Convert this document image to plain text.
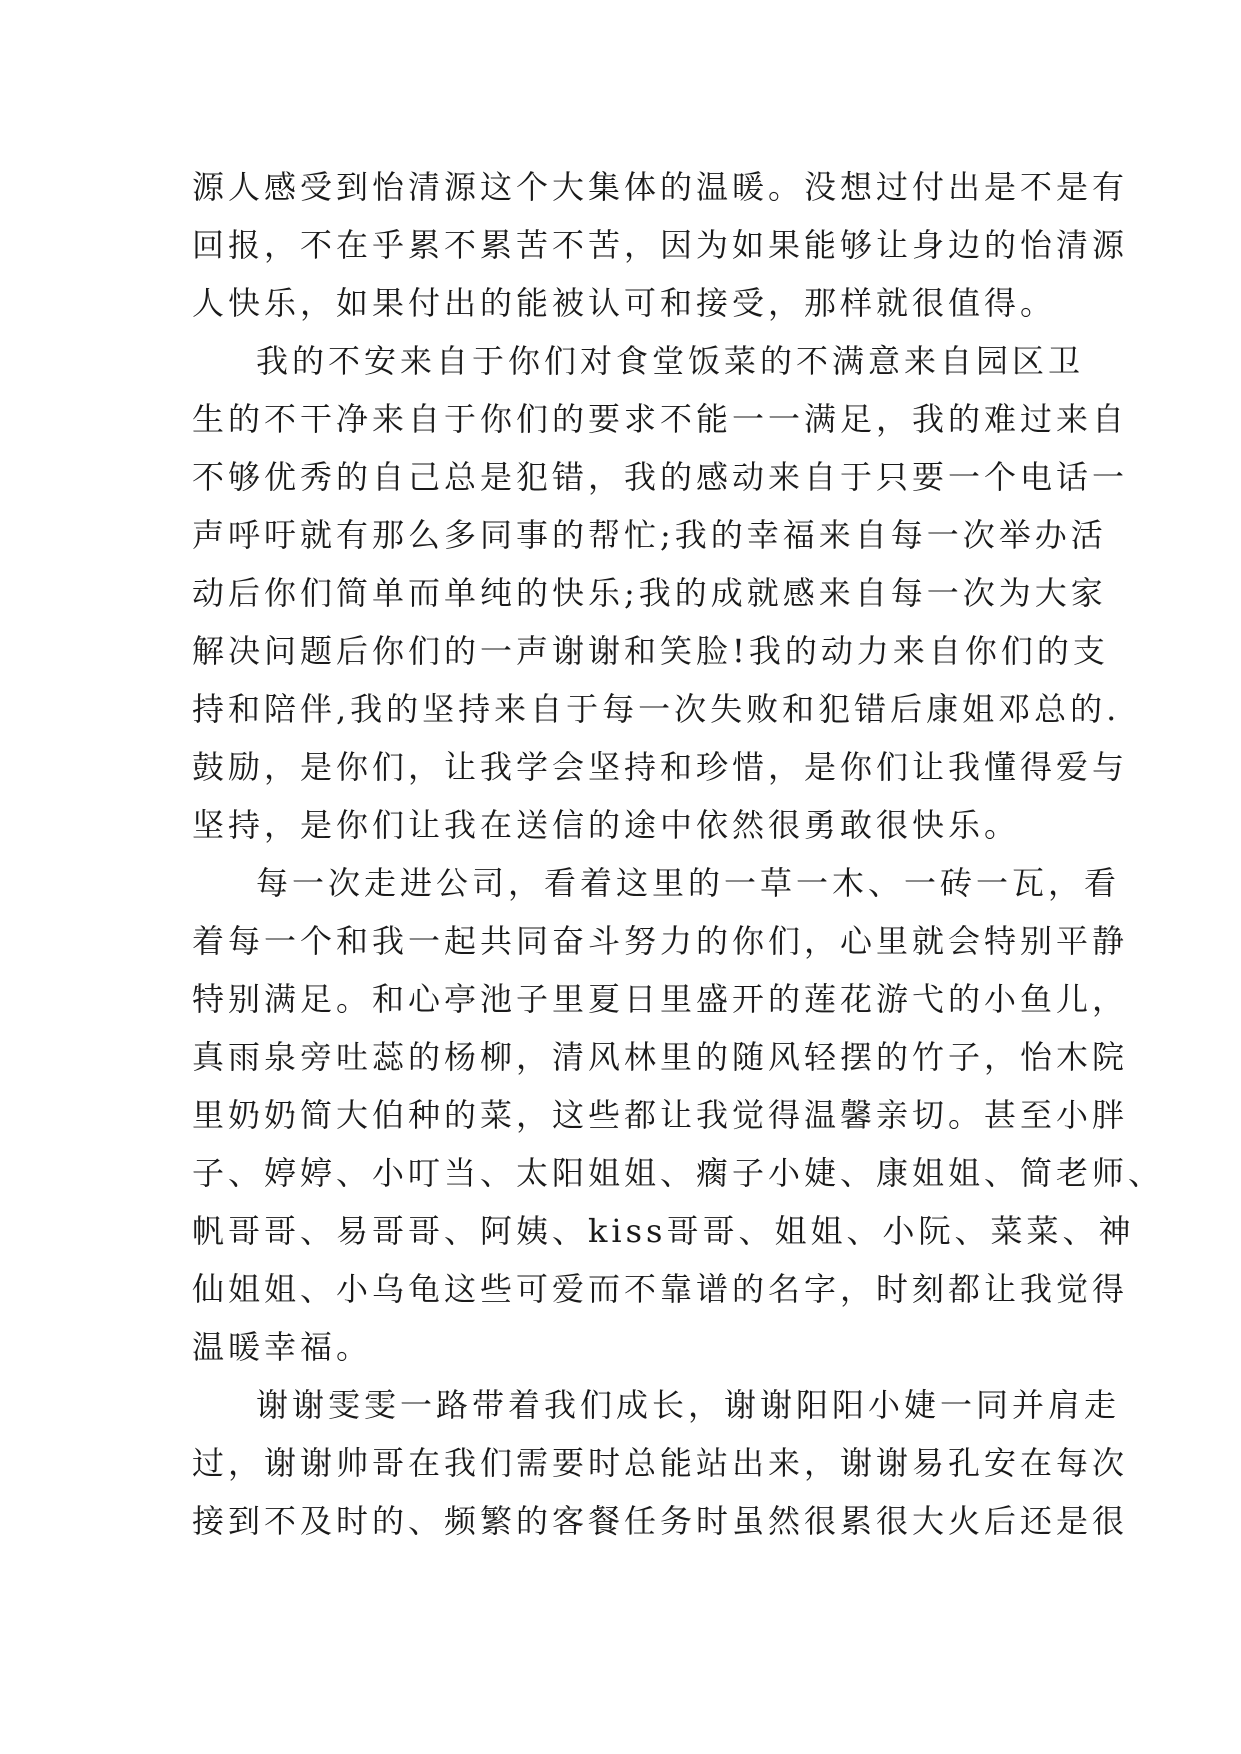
源人感受到怡清源这个大集体的温暖。没想过付出是不是有
回报，不在乎累不累苦不苦，因为如果能够让身边的怡清源
人快乐，如果付出的能被认可和接受，那样就很值得。
我的不安来自于你们对食堂饭菜的不满意来自园区卫
生的不干净来自于你们的要求不能一一满足，我的难过来自
不够优秀的自己总是犯错，我的感动来自于只要一个电话一
声呼吁就有那么多同事的帮忙;我的幸福来自每一次举办活
动后你们简单而单纯的快乐;我的成就感来自每一次为大家
解决问题后你们的一声谢谢和笑脸!我的动力来自你们的支
持和陪伴,我的坚持来自于每一次失败和犯错后康姐邓总的.
鼓励，是你们，让我学会坚持和珍惜，是你们让我懂得爱与
坚持，是你们让我在送信的途中依然很勇敢很快乐。
每一次走进公司，看着这里的一草一木、一砖一瓦，看
着每一个和我一起共同奋斗努力的你们，心里就会特别平静
特别满足。和心亭池子里夏日里盛开的莲花游弋的小鱼儿，
真雨泉旁吐蕊的杨柳，清风林里的随风轻摆的竹子，怡木院
里奶奶简大伯种的菜，这些都让我觉得温馨亲切。甚至小胖
子、婷婷、小叮当、太阳姐姐、瘸子小婕、康姐姐、简老师、
帆哥哥、易哥哥、阿姨、kiss哥哥、姐姐、小阮、菜菜、神
仙姐姐、小乌龟这些可爱而不靠谱的名字，时刻都让我觉得
温暖幸福。
谢谢雯雯一路带着我们成长，谢谢阳阳小婕一同并肩走
过，谢谢帅哥在我们需要时总能站出来，谢谢易孔安在每次
接到不及时的、频繁的客餐任务时虽然很累很大火后还是很
